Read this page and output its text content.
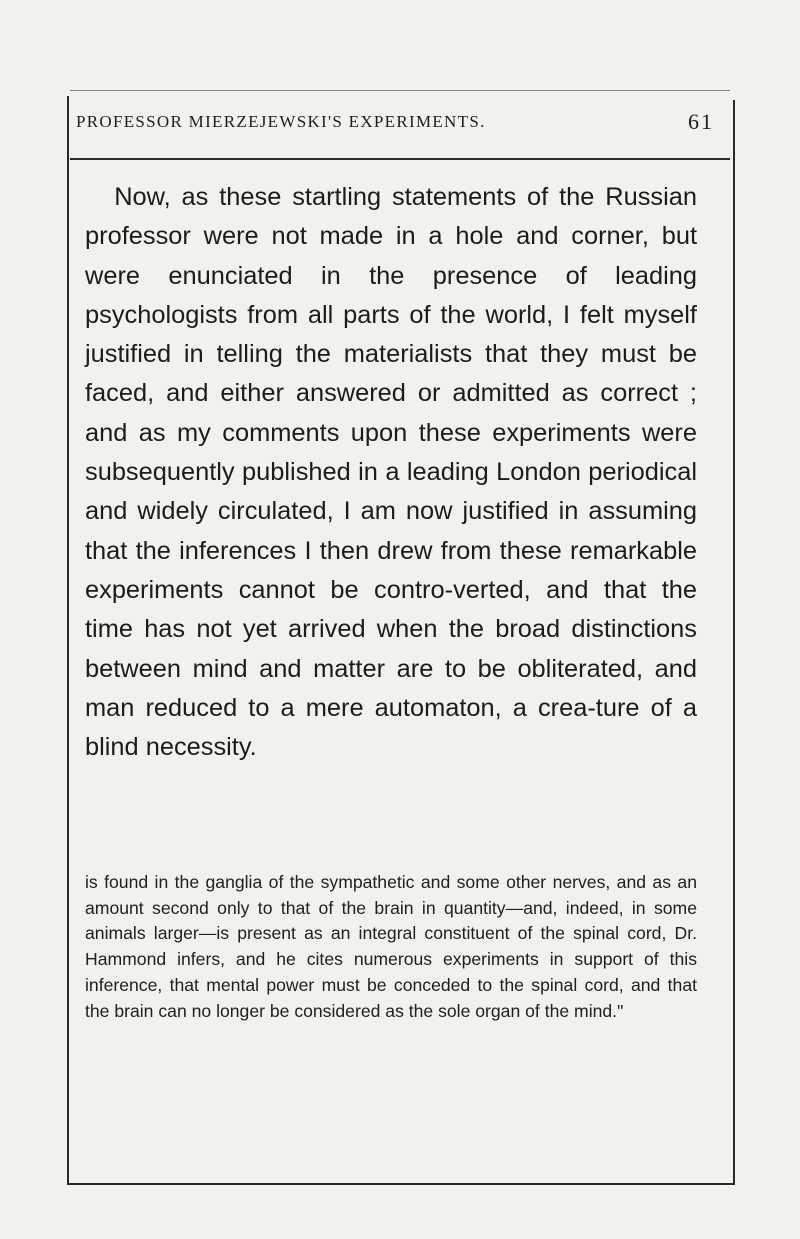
PROFESSOR MIERZEJEWSKI'S EXPERIMENTS.	61

Now, as these startling statements of the Russian professor were not made in a hole and corner, but were enunciated in the presence of leading psychologists from all parts of the world, I felt myself justified in telling the materialists that they must be faced, and either answered or admitted as correct ; and as my comments upon these experiments were subsequently published in a leading London periodical and widely circulated, I am now justified in assuming that the inferences I then drew from these remarkable experiments cannot be contro-verted, and that the time has not yet arrived when the broad distinctions between mind and matter are to be obliterated, and man reduced to a mere automaton, a crea-ture of a blind necessity.

is found in the ganglia of the sympathetic and some other nerves, and as an amount second only to that of the brain in quantity—and, indeed, in some animals larger—is present as an integral constituent of the spinal cord, Dr. Hammond infers, and he cites numerous experiments in support of this inference, that mental power must be conceded to the spinal cord, and that the brain can no longer be considered as the sole organ of the mind."
